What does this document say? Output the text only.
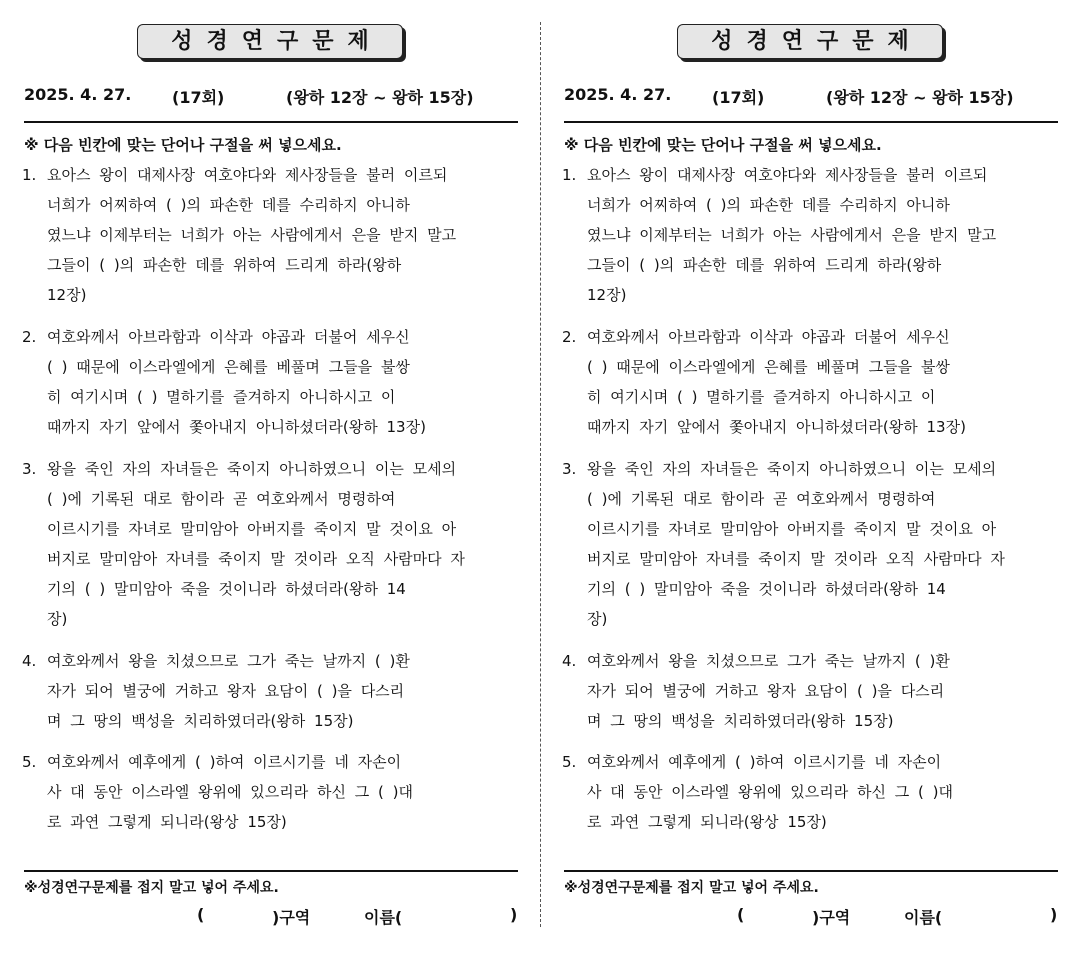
성경연구문제
2025. 4. 27.	(17회)	(왕하 12장 ~ 왕하 15장)
※ 다음 빈칸에 맞는 단어나 구절을 써 넣으세요.
1. 요아스 왕이 대제사장 여호야다와 제사장들을 불러 이르되
너희가 어찌하여 ( )의 파손한 데를 수리하지 아니하
였느냐 이제부터는 너희가 아는 사람에게서 은을 받지 말고
그들이 ( )의 파손한 데를 위하여 드리게 하라(왕하
12장)
2. 여호와께서 아브라함과 이삭과 야곱과 더불어 세우신
( ) 때문에 이스라엘에게 은혜를 베풀며 그들을 불쌍
히 여기시며 ( ) 멸하기를 즐겨하지 아니하시고 이
때까지 자기 앞에서 쫓아내지 아니하셨더라(왕하 13장)
3. 왕을 죽인 자의 자녀들은 죽이지 아니하였으니 이는 모세의
( )에 기록된 대로 함이라 곧 여호와께서 명령하여
이르시기를 자녀로 말미암아 아버지를 죽이지 말 것이요 아
버지로 말미암아 자녀를 죽이지 말 것이라 오직 사람마다 자
기의 ( ) 말미암아 죽을 것이니라 하셨더라(왕하 14
장)
4. 여호와께서 왕을 치셨으므로 그가 죽는 날까지 ( )환
자가 되어 별궁에 거하고 왕자 요담이 ( )을 다스리
며 그 땅의 백성을 치리하였더라(왕하 15장)
5. 여호와께서 예후에게 ( )하여 이르시기를 네 자손이
사 대 동안 이스라엘 왕위에 있으리라 하신 그 ( )대
로 과연 그렇게 되니라(왕상 15장)
※성경연구문제를 접지 말고 넣어 주세요.
(	)구역	이름(	)
성경연구문제
2025. 4. 27.	(17회)	(왕하 12장 ~ 왕하 15장)
※ 다음 빈칸에 맞는 단어나 구절을 써 넣으세요.
1. 요아스 왕이 대제사장 여호야다와 제사장들을 불러 이르되
너희가 어찌하여 ( )의 파손한 데를 수리하지 아니하
였느냐 이제부터는 너희가 아는 사람에게서 은을 받지 말고
그들이 ( )의 파손한 데를 위하여 드리게 하라(왕하
12장)
2. 여호와께서 아브라함과 이삭과 야곱과 더불어 세우신
( ) 때문에 이스라엘에게 은혜를 베풀며 그들을 불쌍
히 여기시며 ( ) 멸하기를 즐겨하지 아니하시고 이
때까지 자기 앞에서 쫓아내지 아니하셨더라(왕하 13장)
3. 왕을 죽인 자의 자녀들은 죽이지 아니하였으니 이는 모세의
( )에 기록된 대로 함이라 곧 여호와께서 명령하여
이르시기를 자녀로 말미암아 아버지를 죽이지 말 것이요 아
버지로 말미암아 자녀를 죽이지 말 것이라 오직 사람마다 자
기의 ( ) 말미암아 죽을 것이니라 하셨더라(왕하 14
장)
4. 여호와께서 왕을 치셨으므로 그가 죽는 날까지 ( )환
자가 되어 별궁에 거하고 왕자 요담이 ( )을 다스리
며 그 땅의 백성을 치리하였더라(왕하 15장)
5. 여호와께서 예후에게 ( )하여 이르시기를 네 자손이
사 대 동안 이스라엘 왕위에 있으리라 하신 그 ( )대
로 과연 그렇게 되니라(왕상 15장)
※성경연구문제를 접지 말고 넣어 주세요.
(	)구역	이름(	)
